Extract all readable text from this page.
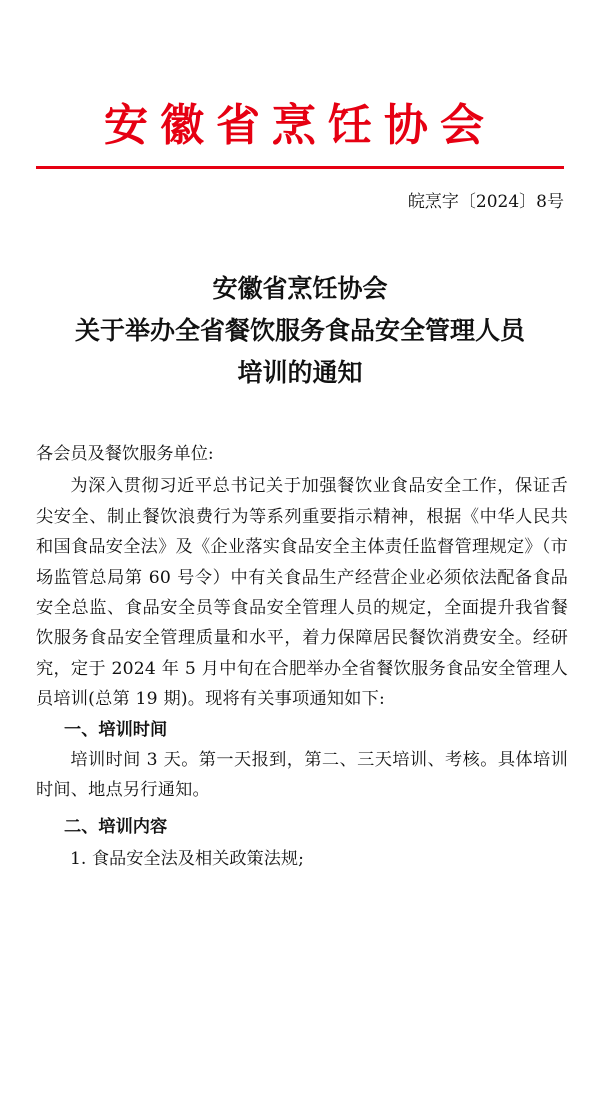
安徽省烹饪协会
皖烹字〔2024〕8号
安徽省烹饪协会
关于举办全省餐饮服务食品安全管理人员
培训的通知
各会员及餐饮服务单位:
为深入贯彻习近平总书记关于加强餐饮业食品安全工作，保证舌尖安全、制止餐饮浪费行为等系列重要指示精神，根据《中华人民共和国食品安全法》及《企业落实食品安全主体责任监督管理规定》（市场监管总局第 60 号令）中有关食品生产经营企业必须依法配备食品安全总监、食品安全员等食品安全管理人员的规定，全面提升我省餐饮服务食品安全管理质量和水平，着力保障居民餐饮消费安全。经研究，定于 2024 年 5 月中旬在合肥举办全省餐饮服务食品安全管理人员培训(总第 19 期)。现将有关事项通知如下:
一、培训时间
培训时间 3 天。第一天报到，第二、三天培训、考核。具体培训时间、地点另行通知。
二、培训内容
1. 食品安全法及相关政策法规;
